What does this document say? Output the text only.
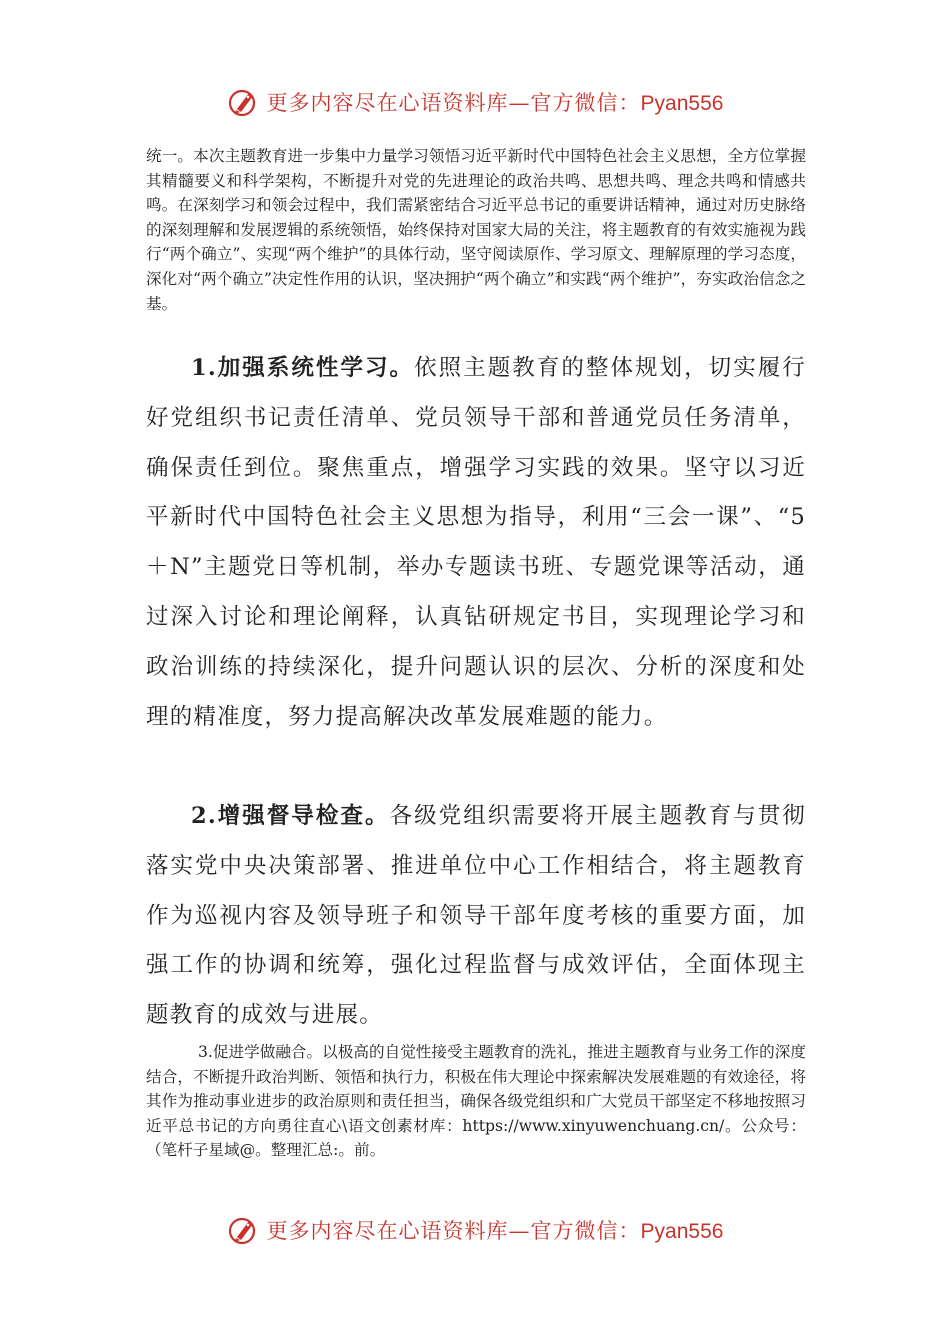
更多内容尽在心语资料库—官方微信：Pyan556

统一。本次主题教育进一步集中力量学习领悟习近平新时代中国特色社会主义思想，全方位掌握其精髓要义和科学架构，不断提升对党的先进理论的政治共鸣、思想共鸣、理念共鸣和情感共鸣。在深刻学习和领会过程中，我们需紧密结合习近平总书记的重要讲话精神，通过对历史脉络的深刻理解和发展逻辑的系统领悟，始终保持对国家大局的关注，将主题教育的有效实施视为践行“两个确立”、实现“两个维护”的具体行动，坚守阅读原作、学习原文、理解原理的学习态度，深化对“两个确立”决定性作用的认识，坚决拥护“两个确立”和实践“两个维护”，夯实政治信念之基。

1.加强系统性学习。依照主题教育的整体规划，切实履行好党组织书记责任清单、党员领导干部和普通党员任务清单，确保责任到位。聚焦重点，增强学习实践的效果。坚守以习近平新时代中国特色社会主义思想为指导，利用“三会一课”、“5＋N”主题党日等机制，举办专题读书班、专题党课等活动，通过深入讨论和理论阐释，认真钻研规定书目，实现理论学习和政治训练的持续深化，提升问题认识的层次、分析的深度和处理的精准度，努力提高解决改革发展难题的能力。

2.增强督导检查。各级党组织需要将开展主题教育与贯彻落实党中央决策部署、推进单位中心工作相结合，将主题教育作为巡视内容及领导班子和领导干部年度考核的重要方面，加强工作的协调和统筹，强化过程监督与成效评估，全面体现主题教育的成效与进展。

3.促进学做融合。以极高的自觉性接受主题教育的洗礼，推进主题教育与业务工作的深度结合，不断提升政治判断、领悟和执行力，积极在伟大理论中探索解决发展难题的有效途径，将其作为推动事业进步的政治原则和责任担当，确保各级党组织和广大党员干部坚定不移地按照习近平总书记的方向勇往直心\语文创素材库：https://www.xinyuwenchuang.cn/。公众号：（笔杆子星域@。整理汇总:。前。

更多内容尽在心语资料库—官方微信：Pyan556
